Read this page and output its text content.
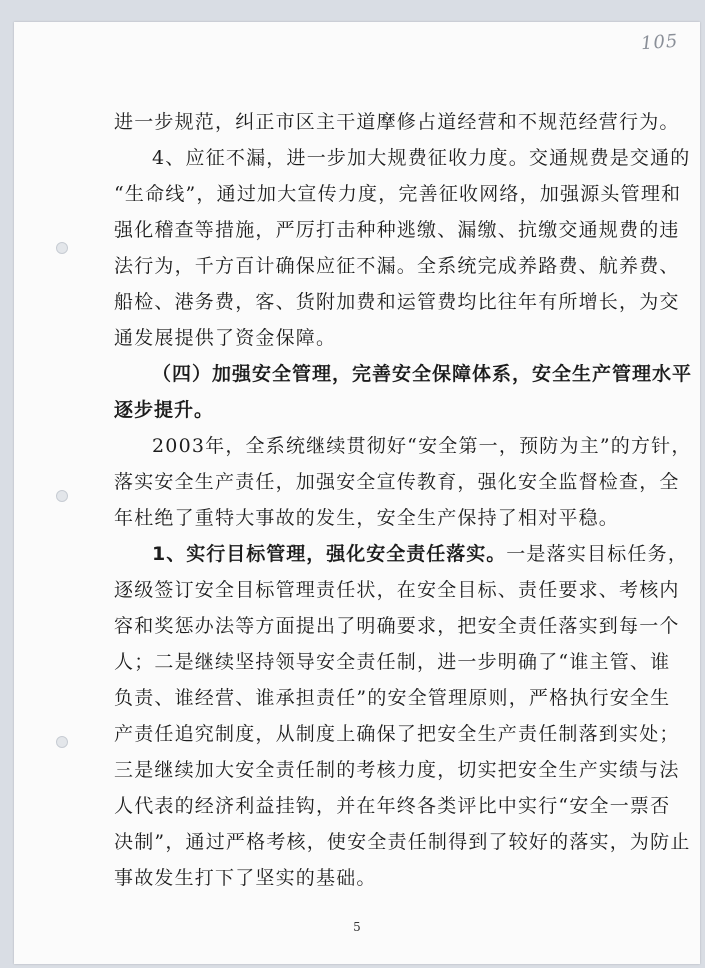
105
进一步规范，纠正市区主干道摩修占道经营和不规范经营行为。
4、应征不漏，进一步加大规费征收力度。交通规费是交通的
“生命线”，通过加大宣传力度，完善征收网络，加强源头管理和
强化稽查等措施，严厉打击种种逃缴、漏缴、抗缴交通规费的违
法行为，千方百计确保应征不漏。全系统完成养路费、航养费、
船检、港务费，客、货附加费和运管费均比往年有所增长，为交
通发展提供了资金保障。
（四）加强安全管理，完善安全保障体系，安全生产管理水平
逐步提升。
2003年，全系统继续贯彻好“安全第一，预防为主”的方针，
落实安全生产责任，加强安全宣传教育，强化安全监督检查，全
年杜绝了重特大事故的发生，安全生产保持了相对平稳。
1、实行目标管理，强化安全责任落实。一是落实目标任务，
逐级签订安全目标管理责任状，在安全目标、责任要求、考核内
容和奖惩办法等方面提出了明确要求，把安全责任落实到每一个
人；二是继续坚持领导安全责任制，进一步明确了“谁主管、谁
负责、谁经营、谁承担责任”的安全管理原则，严格执行安全生
产责任追究制度，从制度上确保了把安全生产责任制落到实处；
三是继续加大安全责任制的考核力度，切实把安全生产实绩与法
人代表的经济利益挂钩，并在年终各类评比中实行“安全一票否
决制”，通过严格考核，使安全责任制得到了较好的落实，为防止
事故发生打下了坚实的基础。
5
